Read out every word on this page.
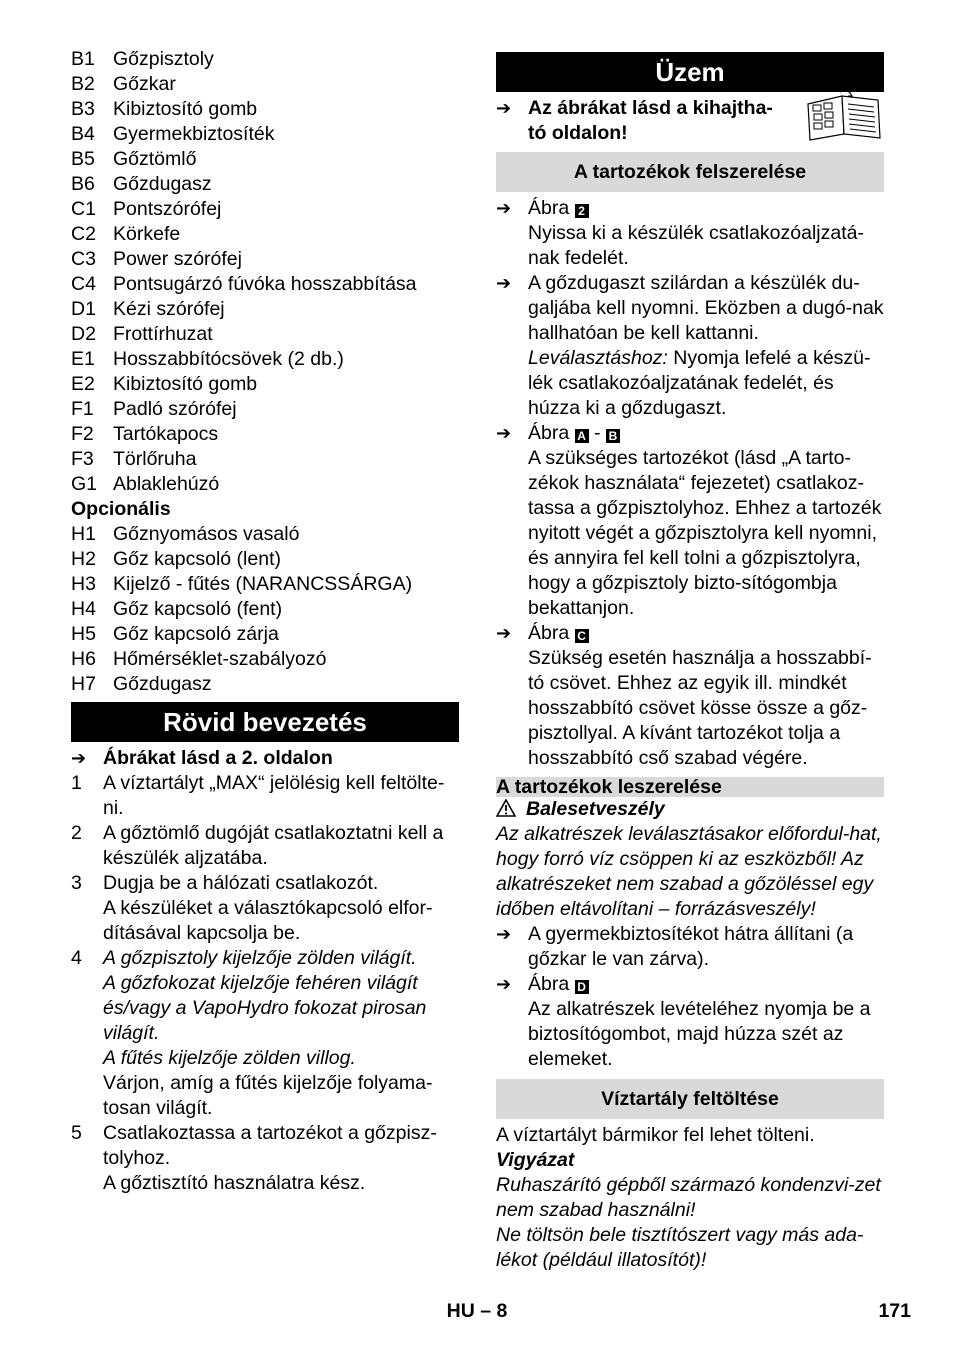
B1 Gőzpisztoly
B2 Gőzkar
B3 Kibiztosító gomb
B4 Gyermekbiztosíték
B5 Gőztömlő
B6 Gőzdugasz
C1 Pontszórófej
C2 Körkefe
C3 Power szórófej
C4 Pontsugárzó fúvóka hosszabbítása
D1 Kézi szórófej
D2 Frottírhuzat
E1 Hosszabbítócsövek (2 db.)
E2 Kibiztosító gomb
F1 Padló szórófej
F2 Tartókapocs
F3 Törlőruha
G1 Ablaklehúzó
Opcionális
H1 Gőznyomásos vasaló
H2 Gőz kapcsoló (lent)
H3 Kijelző - fűtés (NARANCSSÁRGA)
H4 Gőz kapcsoló (fent)
H5 Gőz kapcsoló zárja
H6 Hőmérséklet-szabályozó
H7 Gőzdugasz
Rövid bevezetés
➔ Ábrákat lásd a 2. oldalon
1	A víztartályt „MAX“ jelölésig kell feltölte-ni.
2	A gőztömlő dugóját csatlakoztatni kell a készülék aljzatába.
3	Dugja be a hálózati csatlakozót.
A készüléket a választókapcsoló elfor-dításával kapcsolja be.
4	A gőzpisztoly kijelzője zölden világít.
A gőzfokozat kijelzője fehéren világít és/vagy a VapoHydro fokozat pirosan világít.
A fűtés kijelzője zölden villog.
Várjon, amíg a fűtés kijelzője folyama-tosan világít.
5	Csatlakoztassa a tartozékot a gőzpisz-tolyhoz.
A gőztisztító használatra kész.
Üzem
➔ Az ábrákat lásd a kihajtha-
tó oldalon!
A tartozékok felszerelése
➔ Ábra 2
Nyissa ki a készülék csatlakozóaljzatá-nak fedelét.
➔ A gőzdugaszt szilárdan a készülék du-galjába kell nyomni. Eközben a dugó-nak hallhatóan be kell kattanni.
Leválasztáshoz: Nyomja lefelé a készü-lék csatlakozóaljzatának fedelét, és húzza ki a gőzdugaszt.
➔ Ábra A - B
A szükséges tartozékot (lásd „A tarto-zékok használata“ fejezetet) csatlakoz-tassa a gőzpisztolyhoz. Ehhez a tartozék nyitott végét a gőzpisztolyra kell nyomni, és annyira fel kell tolni a gőzpisztolyra, hogy a gőzpisztoly bizto-sítógombja bekattanjon.
➔ Ábra C
Szükség esetén használja a hosszabbí-tó csövet. Ehhez az egyik ill. mindkét hosszabbító csövet kösse össze a gőz-pisztollyal. A kívánt tartozékot tolja a hosszabbító cső szabad végére.
A tartozékok leszerelése
Balesetveszély
Az alkatrészek leválasztásakor előfordul-hat, hogy forró víz csöppen ki az eszközből! Az alkatrészeket nem szabad a gőzöléssel egy időben eltávolítani – forrázásveszély!
➔ A gyermekbiztosítékot hátra állítani (a gőzkar le van zárva).
➔ Ábra D
Az alkatrészek levételéhez nyomja be a biztosítógombot, majd húzza szét az elemeket.
Víztartály feltöltése
A víztartályt bármikor fel lehet tölteni.
Vigyázat
Ruhaszárító gépből származó kondenzvi-zet nem szabad használni!
Ne töltsön bele tisztítószert vagy más ada-lékot (például illatosítót)!
HU – 8	171
